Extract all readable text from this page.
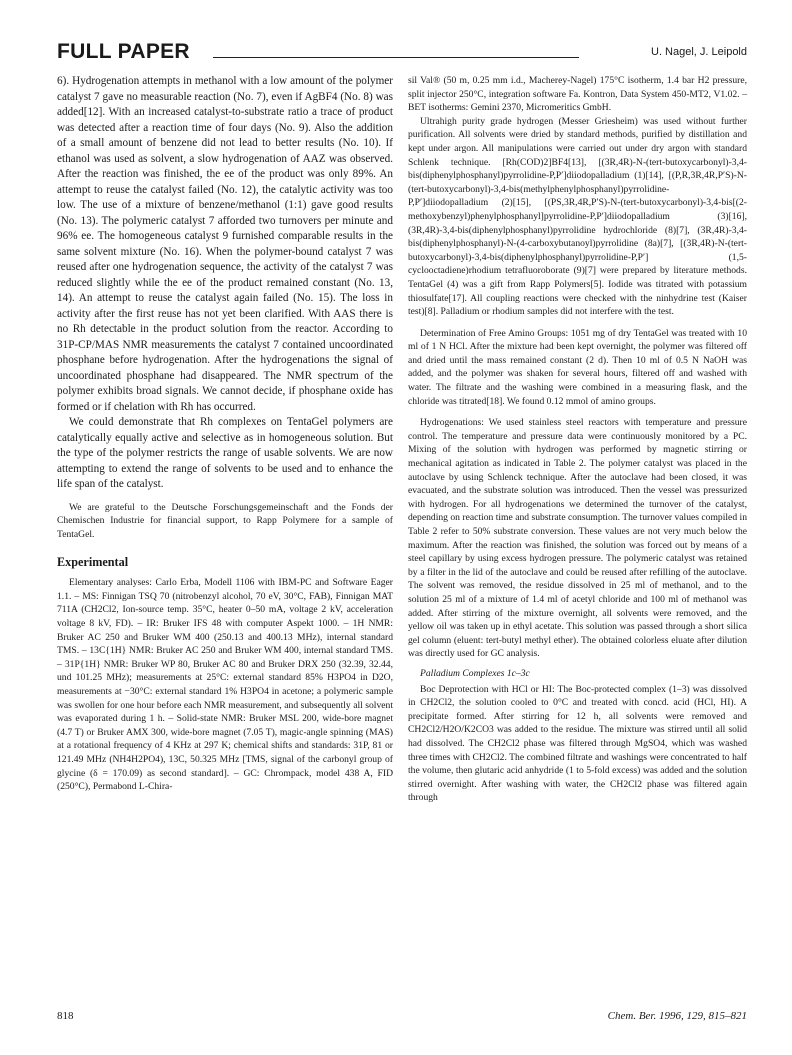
FULL PAPER	U. Nagel, J. Leipold

6). Hydrogenation attempts in methanol with a low amount of the polymer catalyst 7 gave no measurable reaction (No. 7), even if AgBF4 (No. 8) was added[12]. With an increased catalyst-to-substrate ratio a trace of product was detected after a reaction time of four days (No. 9). Also the addition of a small amount of benzene did not lead to better results (No. 10). If ethanol was used as solvent, a slow hydrogenation of AAZ was observed. After the reaction was finished, the ee of the product was only 89%. An attempt to reuse the catalyst failed (No. 12), the catalytic activity was too low. The use of a mixture of benzene/methanol (1:1) gave good results (No. 13). The polymeric catalyst 7 afforded two turnovers per minute and 96% ee. The homogeneous catalyst 9 furnished comparable results in the same solvent mixture (No. 16). When the polymer-bound catalyst 7 was reused after one hydrogenation sequence, the activity of the catalyst 7 was reduced slightly while the ee of the product remained constant (No. 13, 14). An attempt to reuse the catalyst again failed (No. 15). The loss in activity after the first reuse has not yet been clarified. With AAS there is no Rh detectable in the product solution from the reactor. According to 31P-CP/MAS NMR measurements the catalyst 7 contained uncoordinated phosphane before hydrogenation. After the hydrogenations the signal of uncoordinated phosphane had disappeared. The NMR spectrum of the polymer exhibits broad signals. We cannot decide, if phosphane oxide has formed or if chelation with Rh has occurred.

We could demonstrate that Rh complexes on TentaGel polymers are catalytically equally active and selective as in homogeneous solution. But the type of the polymer restricts the range of usable solvents. We are now attempting to extend the range of solvents to be used and to enhance the life span of the catalyst.

We are grateful to the Deutsche Forschungsgemeinschaft and the Fonds der Chemischen Industrie for financial support, to Rapp Polymere for a sample of TentaGel.

Experimental

Elementary analyses: Carlo Erba, Modell 1106 with IBM-PC and Software Eager 1.1. – MS: Finnigan TSQ 70 (nitrobenzyl alcohol, 70 eV, 30°C, FAB), Finnigan MAT 711A (CH2Cl2, Ion-source temp. 35°C, heater 0–50 mA, voltage 2 kV, acceleration voltage 8 kV, FD). – IR: Bruker IFS 48 with computer Aspekt 1000. – 1H NMR: Bruker AC 250 and Bruker WM 400 (250.13 and 400.13 MHz), internal standard TMS. – 13C{1H} NMR: Bruker AC 250 and Bruker WM 400, internal standard TMS. – 31P{1H} NMR: Bruker WP 80, Bruker AC 80 and Bruker DRX 250 (32.39, 32.44, und 101.25 MHz); measurements at 25°C: external standard 85% H3PO4 in D2O, measurements at −30°C: external standard 1% H3PO4 in acetone; a polymeric sample was swollen for one hour before each NMR measurement, and subsequently all solvent was evaporated during 1 h. – Solid-state NMR: Bruker MSL 200, wide-bore magnet (4.7 T) or Bruker AMX 300, wide-bore magnet (7.05 T), magic-angle spinning (MAS) at a rotational frequency of 4 KHz at 297 K; chemical shifts and standards: 31P, 81 or 121.49 MHz (NH4H2PO4), 13C, 50.325 MHz [TMS, signal of the carbonyl group of glycine (δ = 170.09) as second standard]. – GC: Chrompack, model 438 A, FID (250°C), Permabond L-Chira-

sil Val® (50 m, 0.25 mm i.d., Macherey-Nagel) 175°C isotherm, 1.4 bar H2 pressure, split injector 250°C, integration software Fa. Kontron, Data System 450-MT2, V1.02. – BET isotherms: Gemini 2370, Micromeritics GmbH.

Ultrahigh purity grade hydrogen (Messer Griesheim) was used without further purification. All solvents were dried by standard methods, purified by distillation and kept under argon. All manipulations were carried out under dry argon with standard Schlenk technique. [Rh(COD)2]BF4[13], [(3R,4R)-N-(tert-butoxycarbonyl)-3,4-bis(diphenylphosphanyl)pyrrolidine-P,P′]diiodopalladium (1)[14], [(P,R,3R,4R,P′S)-N-(tert-butoxycarbonyl)-3,4-bis(methylphenylphosphanyl)pyrrolidine-P,P′]diiodopalladium (2)[15], [(PS,3R,4R,P′S)-N-(tert-butoxycarbonyl)-3,4-bis[(2-methoxybenzyl)phenylphosphanyl]pyrrolidine-P,P′]diiodopalladium (3)[16], (3R,4R)-3,4-bis(diphenylphosphanyl)pyrrolidine hydrochloride (8)[7], (3R,4R)-3,4-bis(diphenylphosphanyl)-N-(4-carboxybutanoyl)pyrrolidine (8a)[7], [(3R,4R)-N-(tert-butoxycarbonyl)-3,4-bis(diphenylphosphanyl)pyrrolidine-P,P′] (1,5-cyclooctadiene)rhodium tetrafluoroborate (9)[7] were prepared by literature methods. TentaGel (4) was a gift from Rapp Polymers[5]. Iodide was titrated with potassium thiosulfate[17]. All coupling reactions were checked with the ninhydrine test (Kaiser test)[8]. Palladium or rhodium samples did not interfere with the test.

Determination of Free Amino Groups: 1051 mg of dry TentaGel was treated with 10 ml of 1 N HCl. After the mixture had been kept overnight, the polymer was filtered off and dried until the mass remained constant (2 d). Then 10 ml of 0.5 N NaOH was added, and the polymer was shaken for several hours, filtered off and washed with water. The filtrate and the washing were combined in a measuring flask, and the chloride was titrated[18]. We found 0.12 mmol of amino groups.

Hydrogenations: We used stainless steel reactors with temperature and pressure control. The temperature and pressure data were continuously monitored by a PC. Mixing of the solution with hydrogen was performed by magnetic stirring or mechanical agitation as indicated in Table 2. The polymer catalyst was placed in the autoclave by using Schlenck technique. After the autoclave had been closed, it was evacuated, and the substrate solution was introduced. Then the vessel was pressurized with hydrogen. For all hydrogenations we determined the turnover of the catalyst, depending on reaction time and substrate consumption. The turnover values compiled in Table 2 refer to 50% substrate conversion. These values are not very much below the maximum. After the reaction was finished, the solution was forced out by means of a steel capillary by using excess hydrogen pressure. The polymeric catalyst was retained by a filter in the lid of the autoclave and could be reused after refilling of the autoclave. The solvent was removed, the residue dissolved in 25 ml of methanol, and to the solution 25 ml of a mixture of 1.4 ml of acetyl chloride and 100 ml of methanol was added. After stirring of the mixture overnight, all solvents were removed, and the yellow oil was taken up in ethyl acetate. This solution was passed through a short silica gel column (eluent: tert-butyl methyl ether). The obtained colorless eluate after dilution was directly used for GC analysis.

Palladium Complexes 1c–3c

Boc Deprotection with HCl or HI: The Boc-protected complex (1–3) was dissolved in CH2Cl2, the solution cooled to 0°C and treated with concd. acid (HCl, HI). A precipitate formed. After stirring for 12 h, all solvents were removed and CH2Cl2/H2O/K2CO3 was added to the residue. The mixture was stirred until all solid had dissolved. The CH2Cl2 phase was filtered through MgSO4, which was washed three times with CH2Cl2. The combined filtrate and washings were concentrated to half the volume, then glutaric acid anhydride (1 to 5-fold excess) was added and the solution stirred overnight. After washing with water, the CH2Cl2 phase was filtered again through

818	Chem. Ber. 1996, 129, 815–821
